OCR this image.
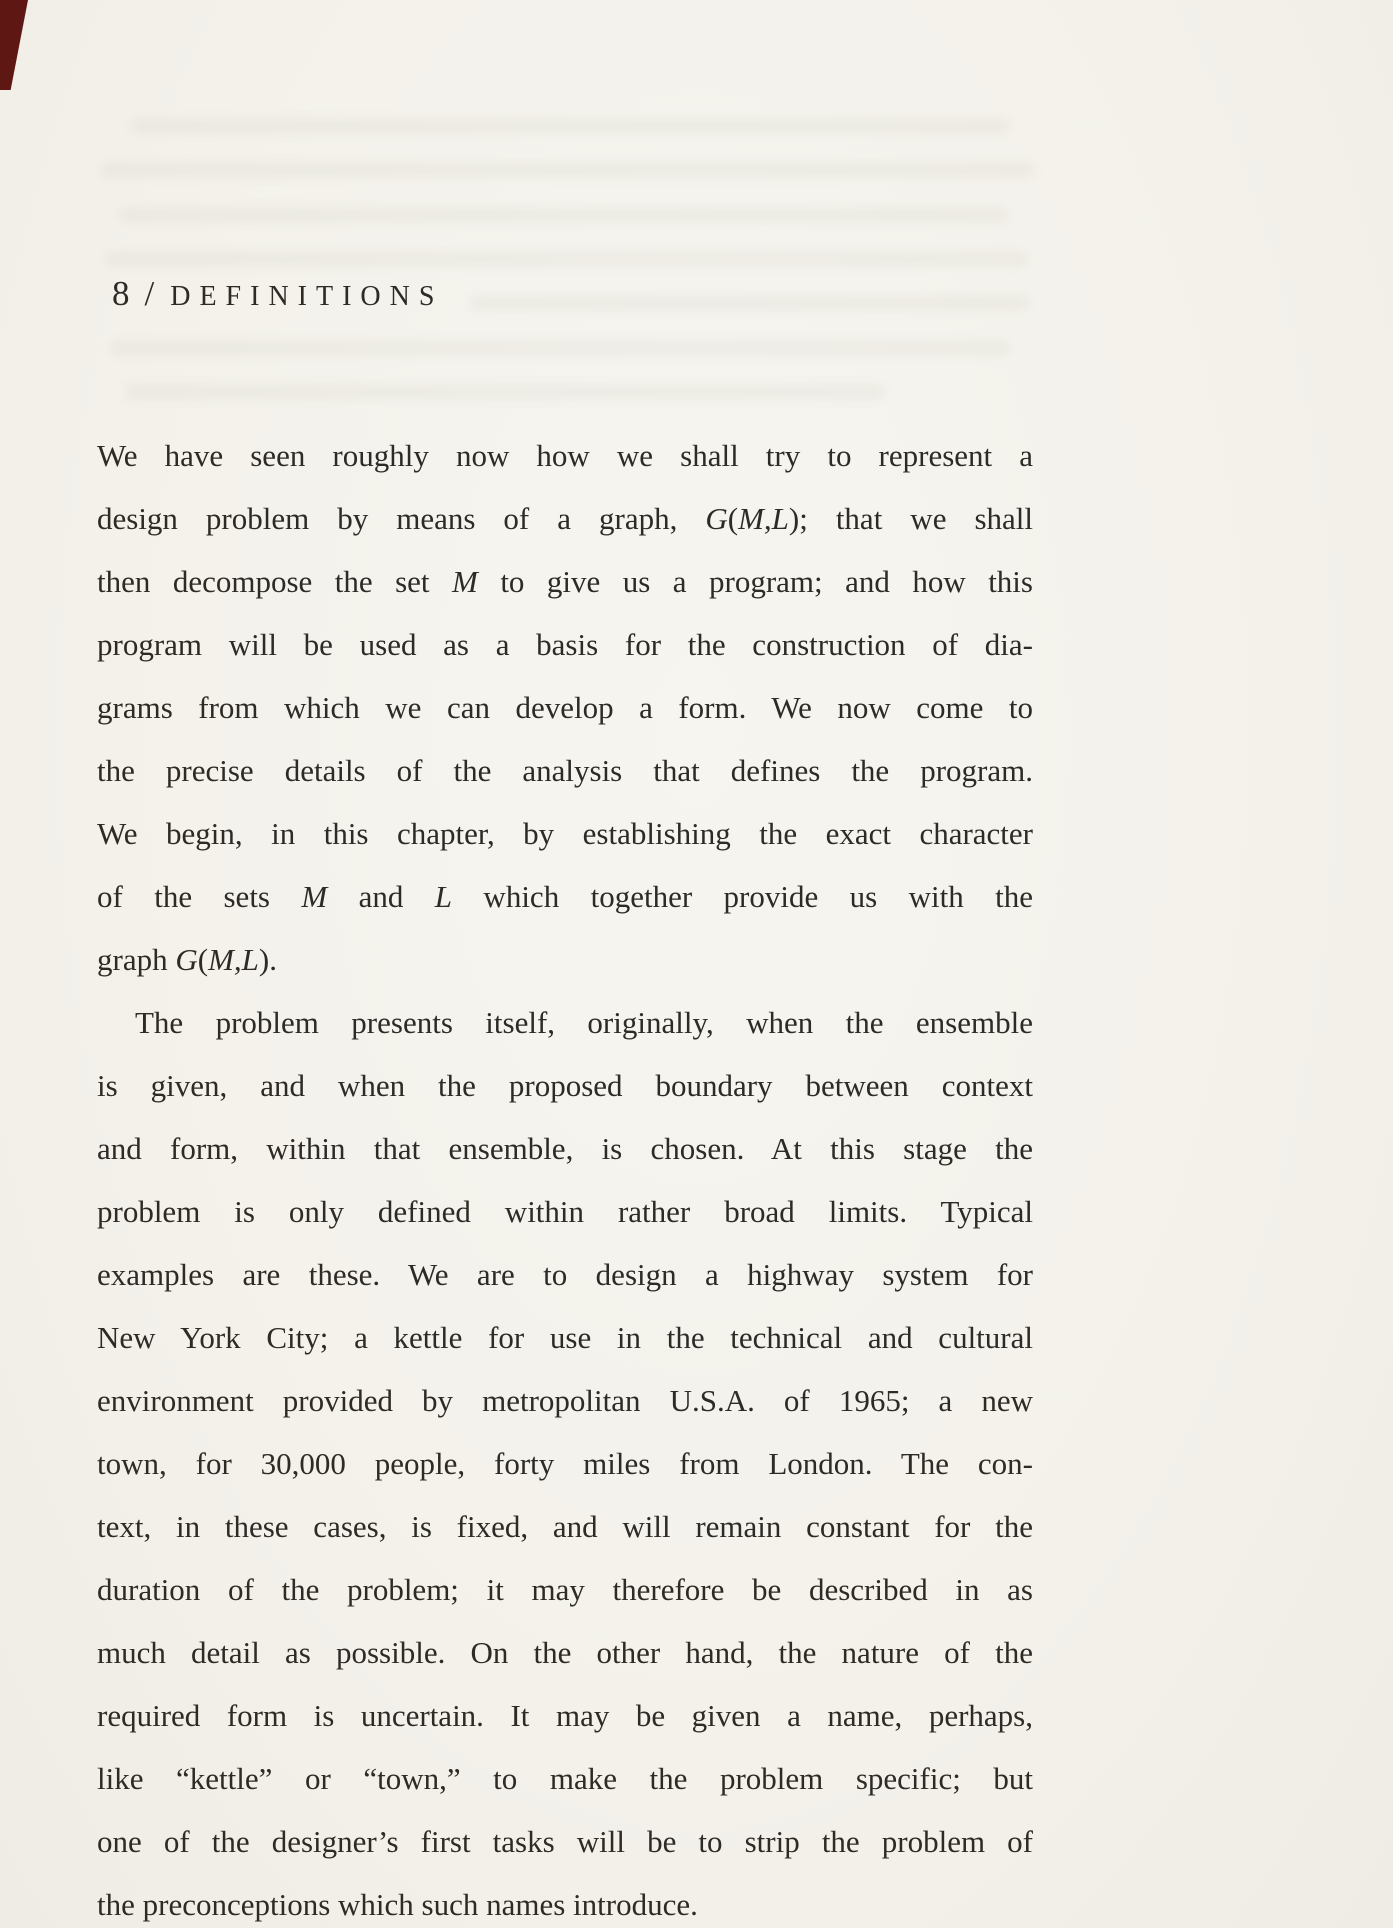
8 / DEFINITIONS
We have seen roughly now how we shall try to represent a
design problem by means of a graph, G(M,L); that we shall
then decompose the set M to give us a program; and how this
program will be used as a basis for the construction of dia-
grams from which we can develop a form. We now come to
the precise details of the analysis that defines the program.
We begin, in this chapter, by establishing the exact character
of the sets M and L which together provide us with the
graph G(M,L).
The problem presents itself, originally, when the ensemble
is given, and when the proposed boundary between context
and form, within that ensemble, is chosen. At this stage the
problem is only defined within rather broad limits. Typical
examples are these. We are to design a highway system for
New York City; a kettle for use in the technical and cultural
environment provided by metropolitan U.S.A. of 1965; a new
town, for 30,000 people, forty miles from London. The con-
text, in these cases, is fixed, and will remain constant for the
duration of the problem; it may therefore be described in as
much detail as possible. On the other hand, the nature of the
required form is uncertain. It may be given a name, perhaps,
like “kettle” or “town,” to make the problem specific; but
one of the designer’s first tasks will be to strip the problem of
the preconceptions which such names introduce.
